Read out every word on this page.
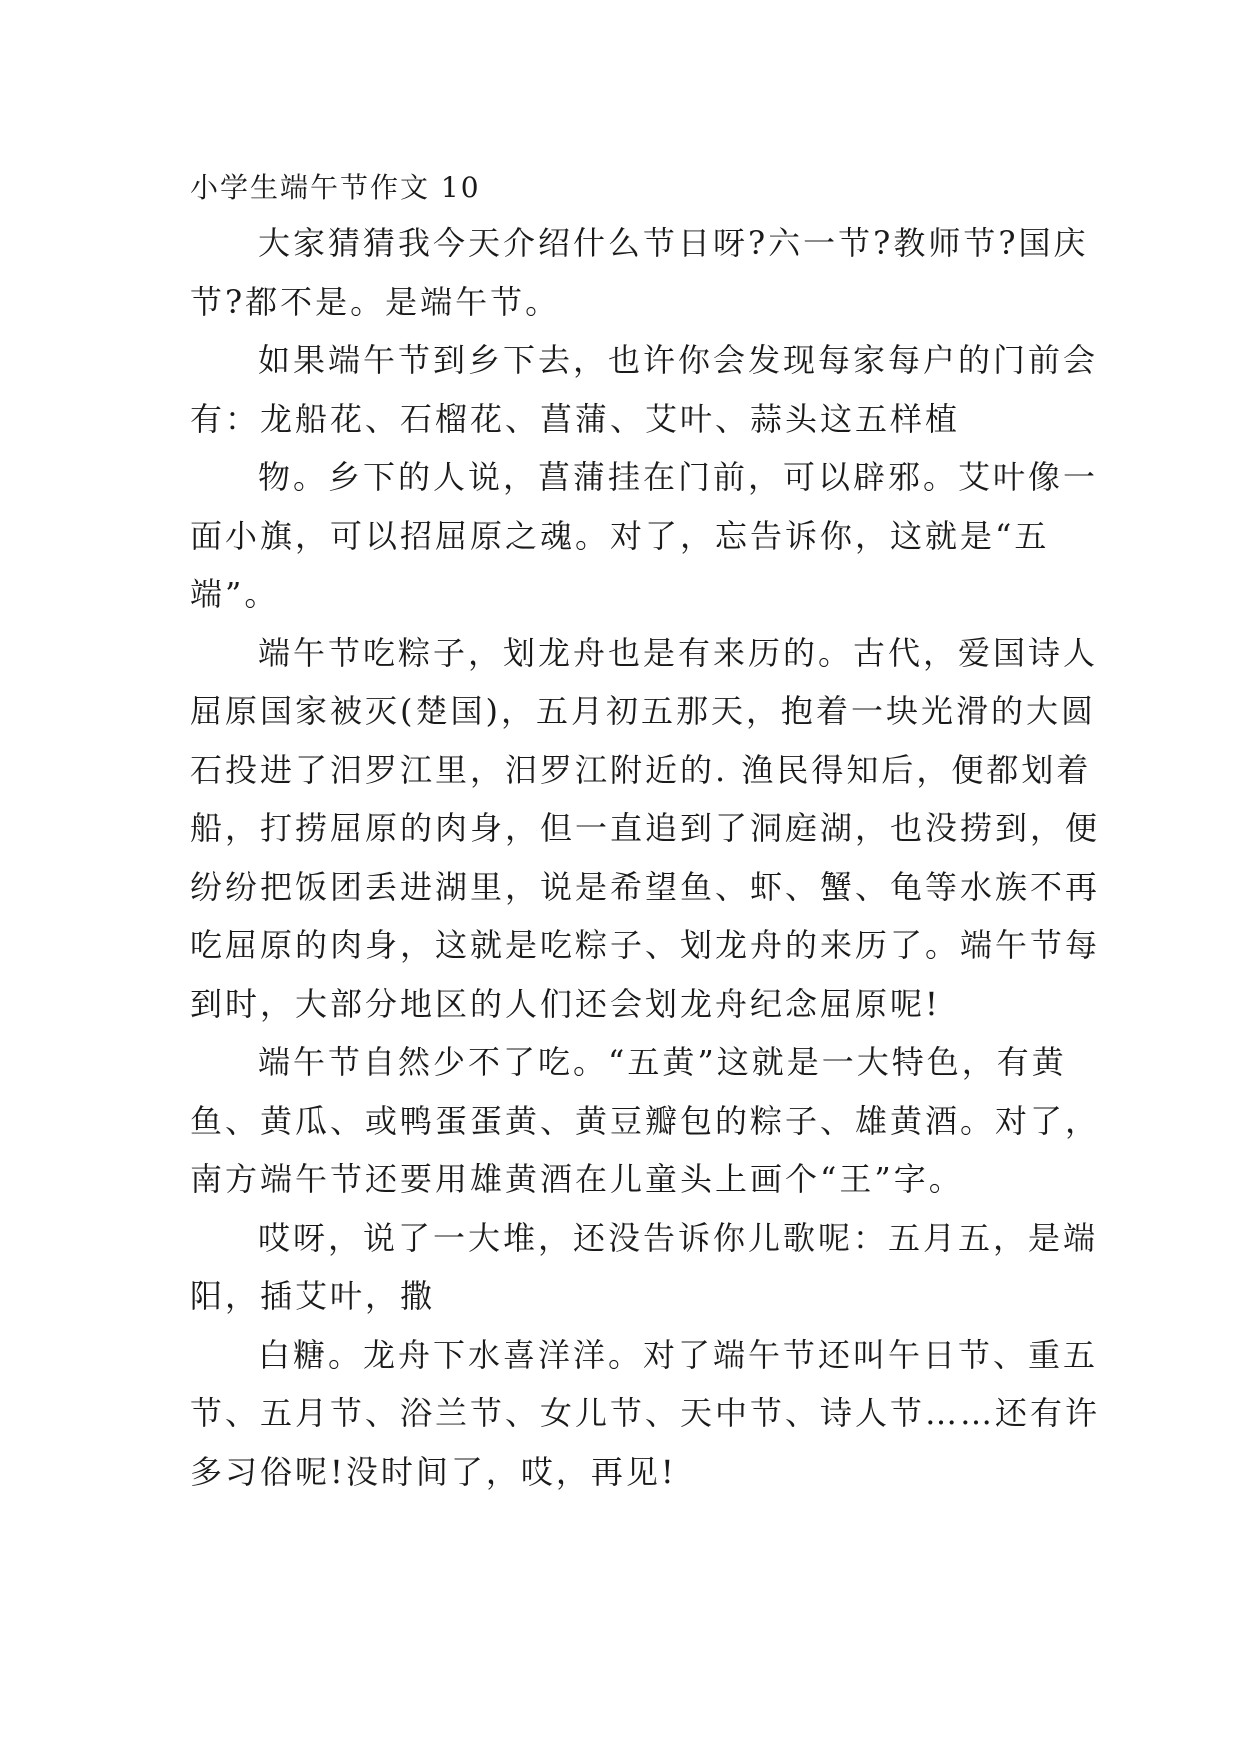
小学生端午节作文 10
大家猜猜我今天介绍什么节日呀?六一节?教师节?国庆
节?都不是。是端午节。
如果端午节到乡下去，也许你会发现每家每户的门前会
有：龙船花、石榴花、菖蒲、艾叶、蒜头这五样植
物。乡下的人说，菖蒲挂在门前，可以辟邪。艾叶像一
面小旗，可以招屈原之魂。对了，忘告诉你，这就是“五
端”。
端午节吃粽子，划龙舟也是有来历的。古代，爱国诗人
屈原国家被灭(楚国)，五月初五那天，抱着一块光滑的大圆
石投进了汨罗江里，汨罗江附近的. 渔民得知后，便都划着
船，打捞屈原的肉身，但一直追到了洞庭湖，也没捞到，便
纷纷把饭团丢进湖里，说是希望鱼、虾、蟹、龟等水族不再
吃屈原的肉身，这就是吃粽子、划龙舟的来历了。端午节每
到时，大部分地区的人们还会划龙舟纪念屈原呢!
端午节自然少不了吃。“五黄”这就是一大特色，有黄
鱼、黄瓜、或鸭蛋蛋黄、黄豆瓣包的粽子、雄黄酒。对了，
南方端午节还要用雄黄酒在儿童头上画个“王”字。
哎呀，说了一大堆，还没告诉你儿歌呢：五月五，是端
阳，插艾叶，撒
白糖。龙舟下水喜洋洋。对了端午节还叫午日节、重五
节、五月节、浴兰节、女儿节、天中节、诗人节……还有许
多习俗呢!没时间了，哎，再见!
